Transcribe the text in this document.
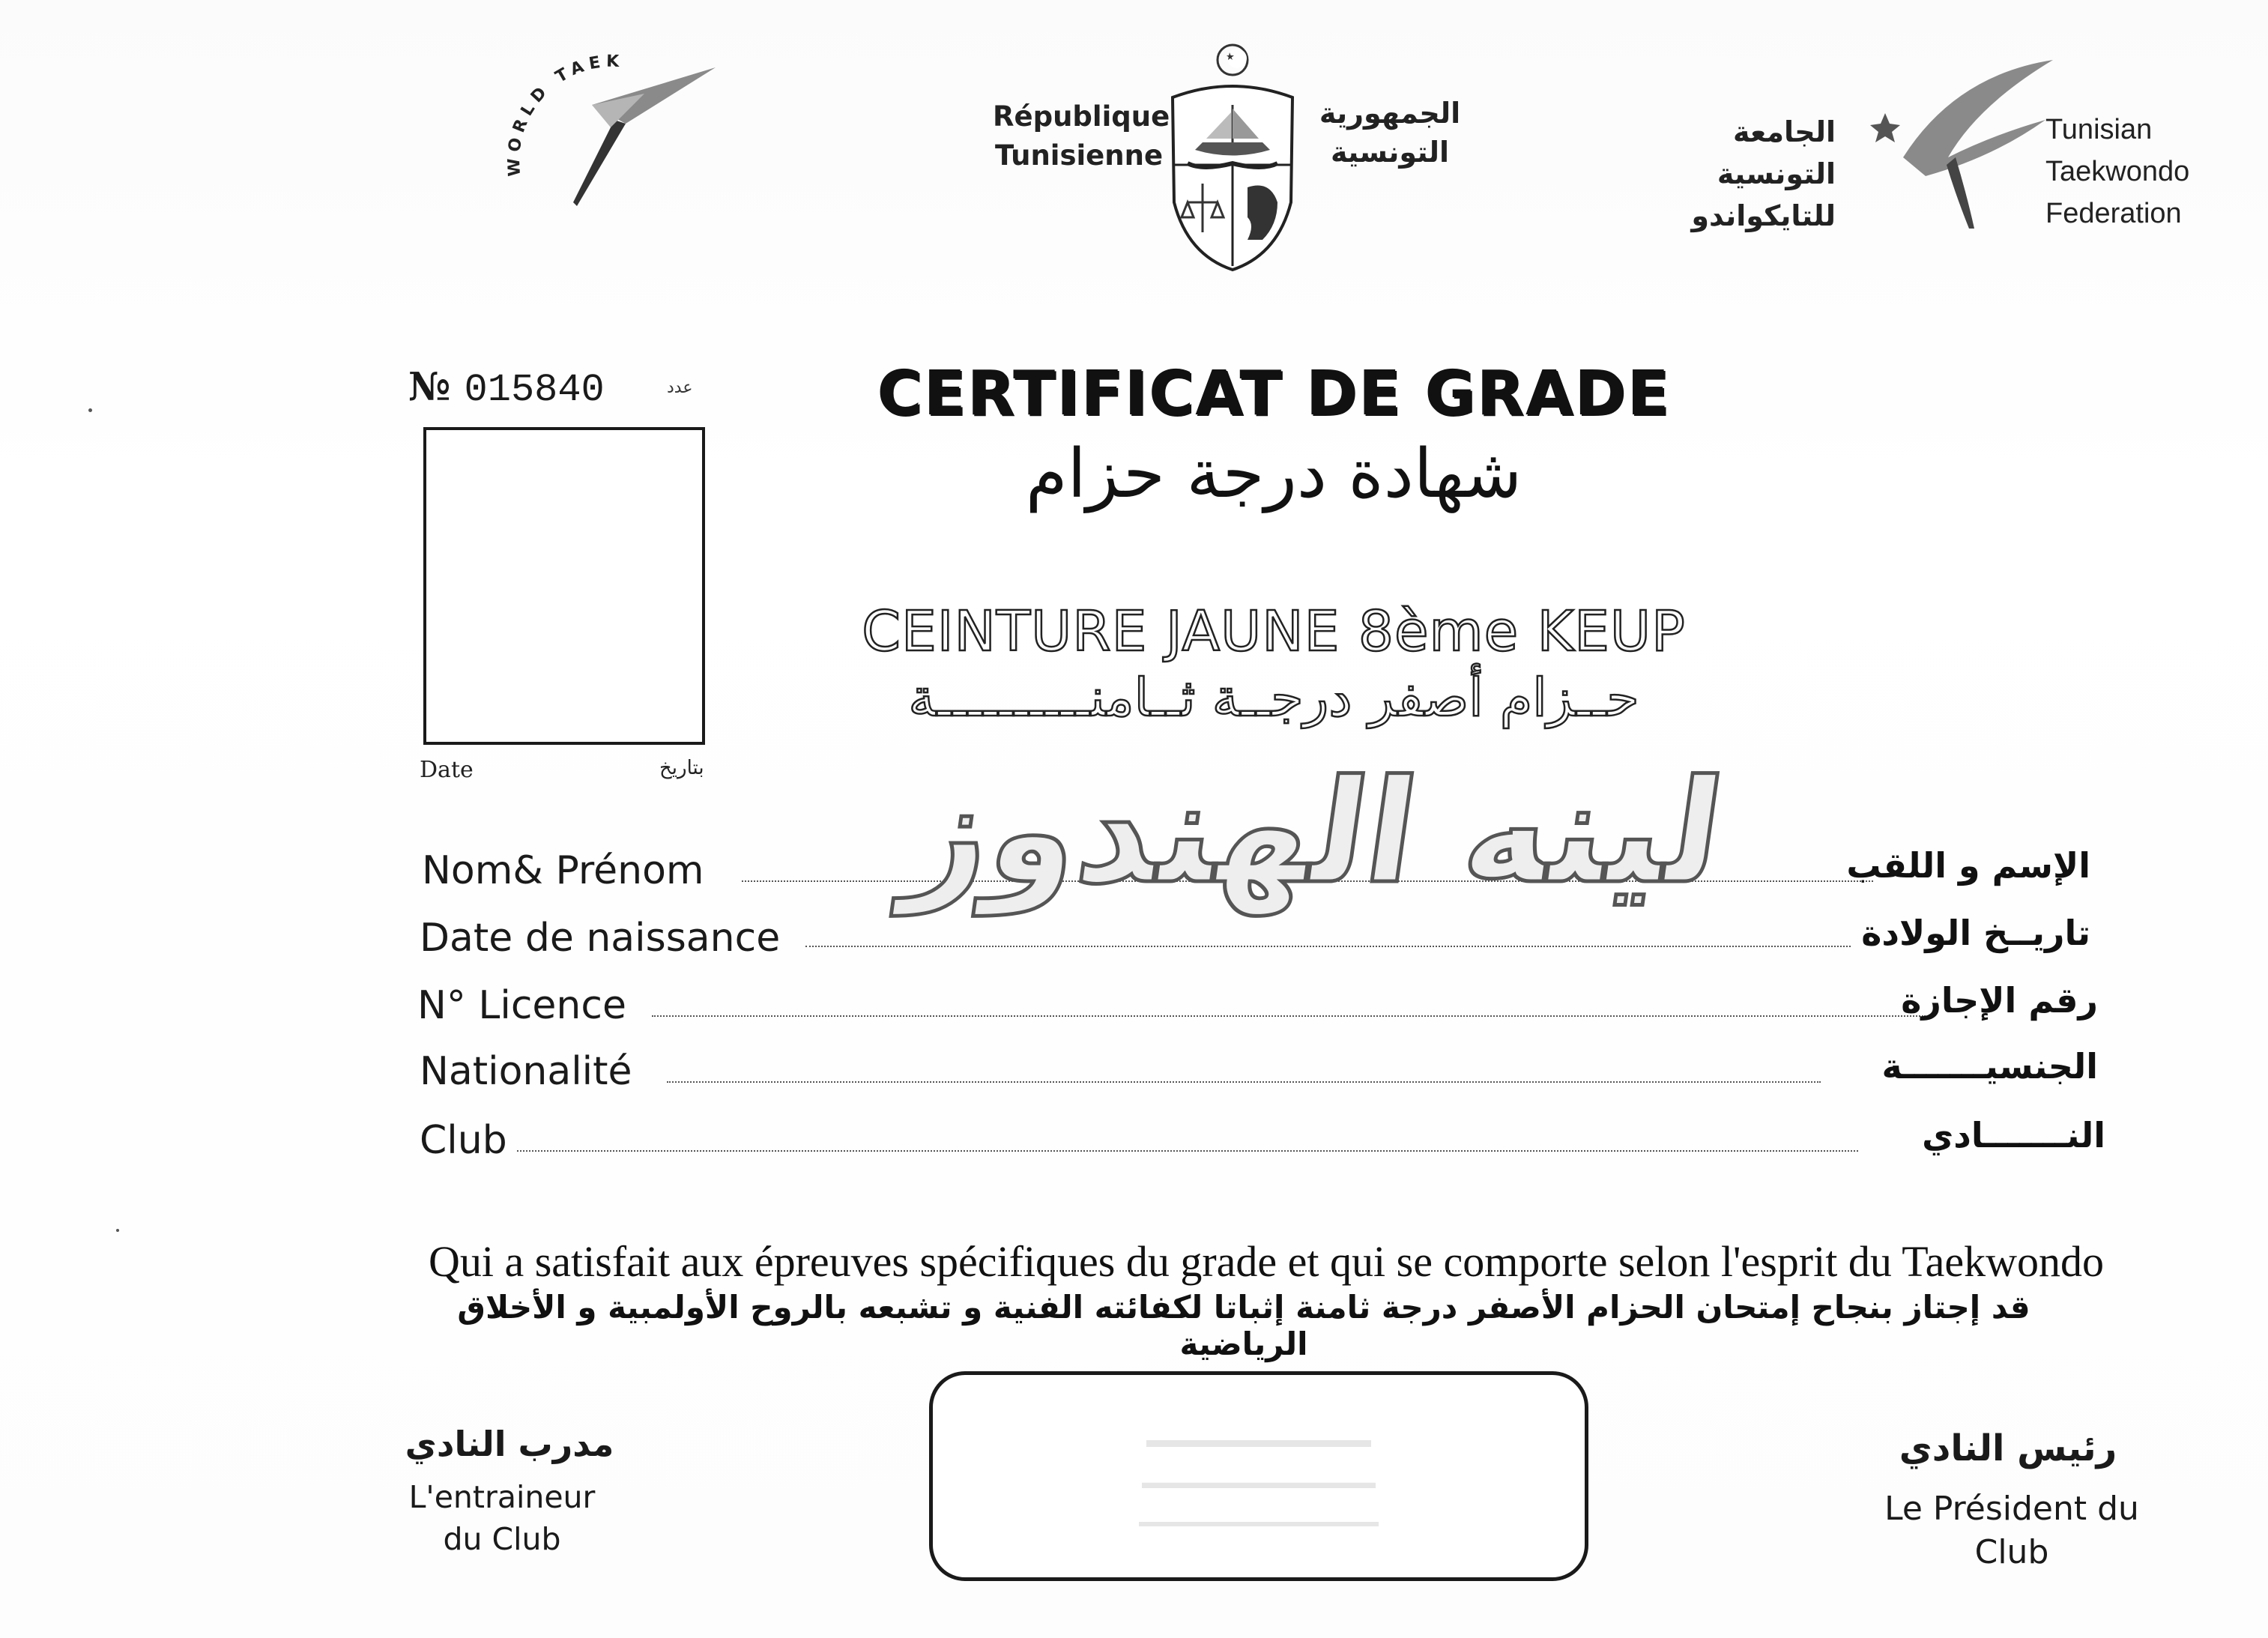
WORLD TAEK
République
Tunisienne
الجمهورية
التونسية
الجامعة
التونسية
للتايكواندو
Tunisian
Taekwondo
Federation
№ 015840	عدد
Date	بتاريخ
CERTIFICAT DE GRADE
شهادة درجة حزام
CEINTURE JAUNE 8ème KEUP
حــزام أصفر درجــة ثــامنــــــــــة
Nom& Prénom	الإسم و اللقب
Date de naissance	تاريــخ الولادة
N° Licence	رقم الإجازة
Nationalité	الجنسيـــــــة
Club	النـــــــادي
لينه الهندوز
Qui a satisfait aux épreuves spécifiques du grade et qui se comporte selon l'esprit du Taekwondo
قد إجتاز بنجاح إمتحان الحزام الأصفر درجة ثامنة إثباتا لكفائته الفنية و تشبعه بالروح الأولمبية و الأخلاق الرياضية
مدرب النادي
L'entraineur
du Club
▬▬▬▬▬▬▬▬▬▬
▬▬▬▬▬▬▬▬▬▬▬▬▬
▬▬▬▬▬▬▬▬▬▬▬▬▬▬▬▬
رئيس النادي
Le Président du
Club
